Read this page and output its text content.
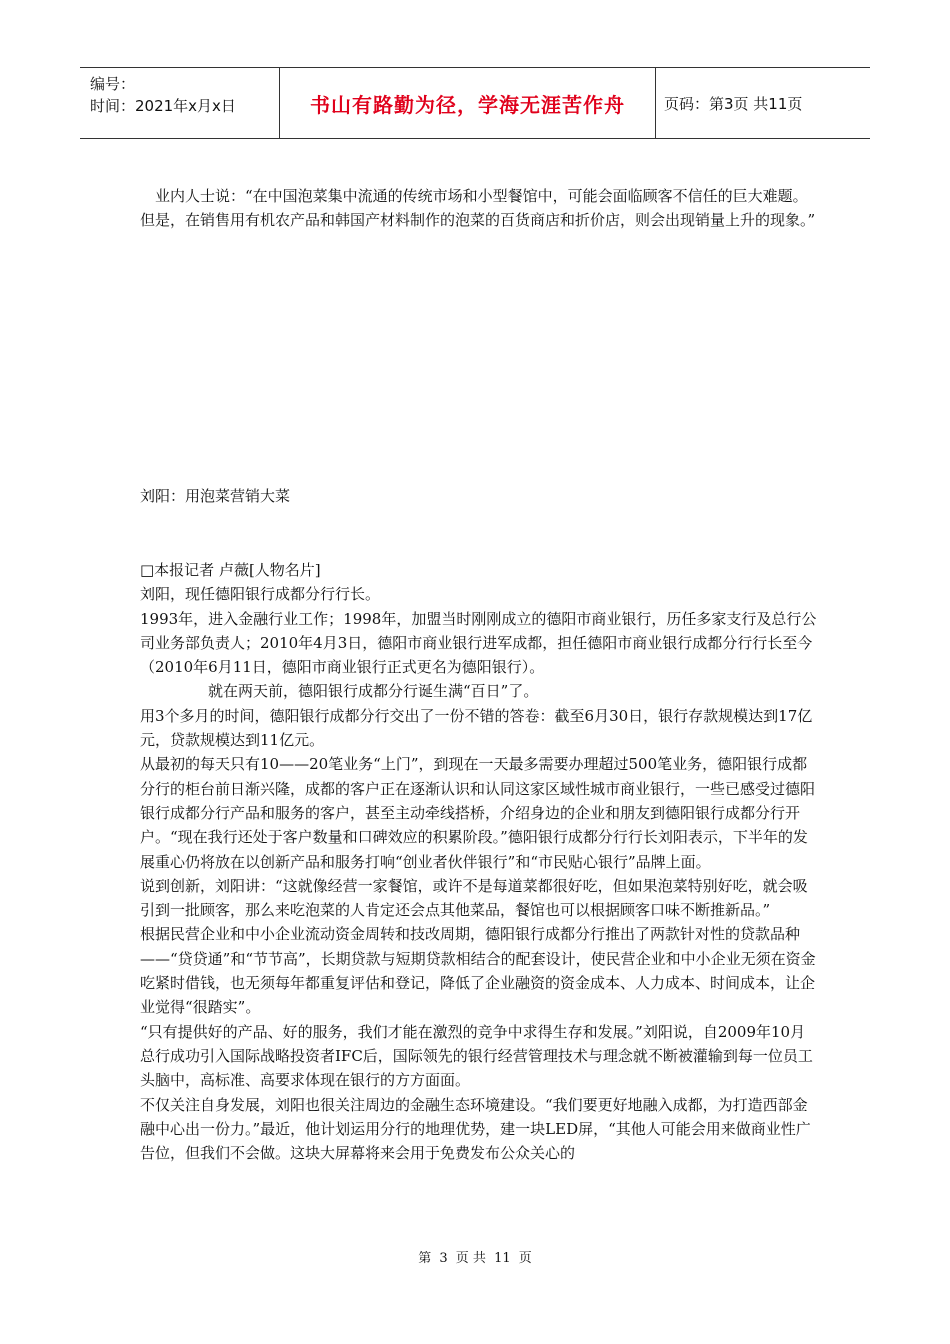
编号：
时间：2021年x月x日	书山有路勤为径，学海无涯苦作舟	页码：第3页 共11页

业内人士说：“在中国泡菜集中流通的传统市场和小型餐馆中，可能会面临顾客不信任的巨大难题。但是，在销售用有机农产品和韩国产材料制作的泡菜的百货商店和折价店，则会出现销量上升的现象。”

刘阳：用泡菜营销大菜

□本报记者 卢薇[人物名片]

刘阳，现任德阳银行成都分行行长。

1993年，进入金融行业工作；1998年，加盟当时刚刚成立的德阳市商业银行，历任多家支行及总行公司业务部负责人；2010年4月3日，德阳市商业银行进军成都，担任德阳市商业银行成都分行行长至今 （2010年6月11日，德阳市商业银行正式更名为德阳银行）。

就在两天前，德阳银行成都分行诞生满“百日”了。

用3个多月的时间，德阳银行成都分行交出了一份不错的答卷：截至6月30日，银行存款规模达到17亿元，贷款规模达到11亿元。

从最初的每天只有10——20笔业务“上门”，到现在一天最多需要办理超过500笔业务，德阳银行成都分行的柜台前日渐兴隆，成都的客户正在逐渐认识和认同这家区域性城市商业银行，一些已感受过德阳银行成都分行产品和服务的客户，甚至主动牵线搭桥，介绍身边的企业和朋友到德阳银行成都分行开户。“现在我行还处于客户数量和口碑效应的积累阶段。”德阳银行成都分行行长刘阳表示，下半年的发展重心仍将放在以创新产品和服务打响“创业者伙伴银行”和“市民贴心银行”品牌上面。

说到创新，刘阳讲：“这就像经营一家餐馆，或许不是每道菜都很好吃，但如果泡菜特别好吃，就会吸引到一批顾客，那么来吃泡菜的人肯定还会点其他菜品，餐馆也可以根据顾客口味不断推新品。”

根据民营企业和中小企业流动资金周转和技改周期，德阳银行成都分行推出了两款针对性的贷款品种——“贷贷通”和“节节高”，长期贷款与短期贷款相结合的配套设计，使民营企业和中小企业无须在资金吃紧时借钱，也无须每年都重复评估和登记，降低了企业融资的资金成本、人力成本、时间成本，让企业觉得“很踏实”。

“只有提供好的产品、好的服务，我们才能在激烈的竞争中求得生存和发展。”刘阳说，自2009年10月总行成功引入国际战略投资者IFC后，国际领先的银行经营管理技术与理念就不断被灌输到每一位员工头脑中，高标准、高要求体现在银行的方方面面。

不仅关注自身发展，刘阳也很关注周边的金融生态环境建设。“我们要更好地融入成都，为打造西部金融中心出一份力。”最近，他计划运用分行的地理优势，建一块LED屏，“其他人可能会用来做商业性广告位，但我们不会做。这块大屏幕将来会用于免费发布公众关心的

第 3 页 共 11 页
